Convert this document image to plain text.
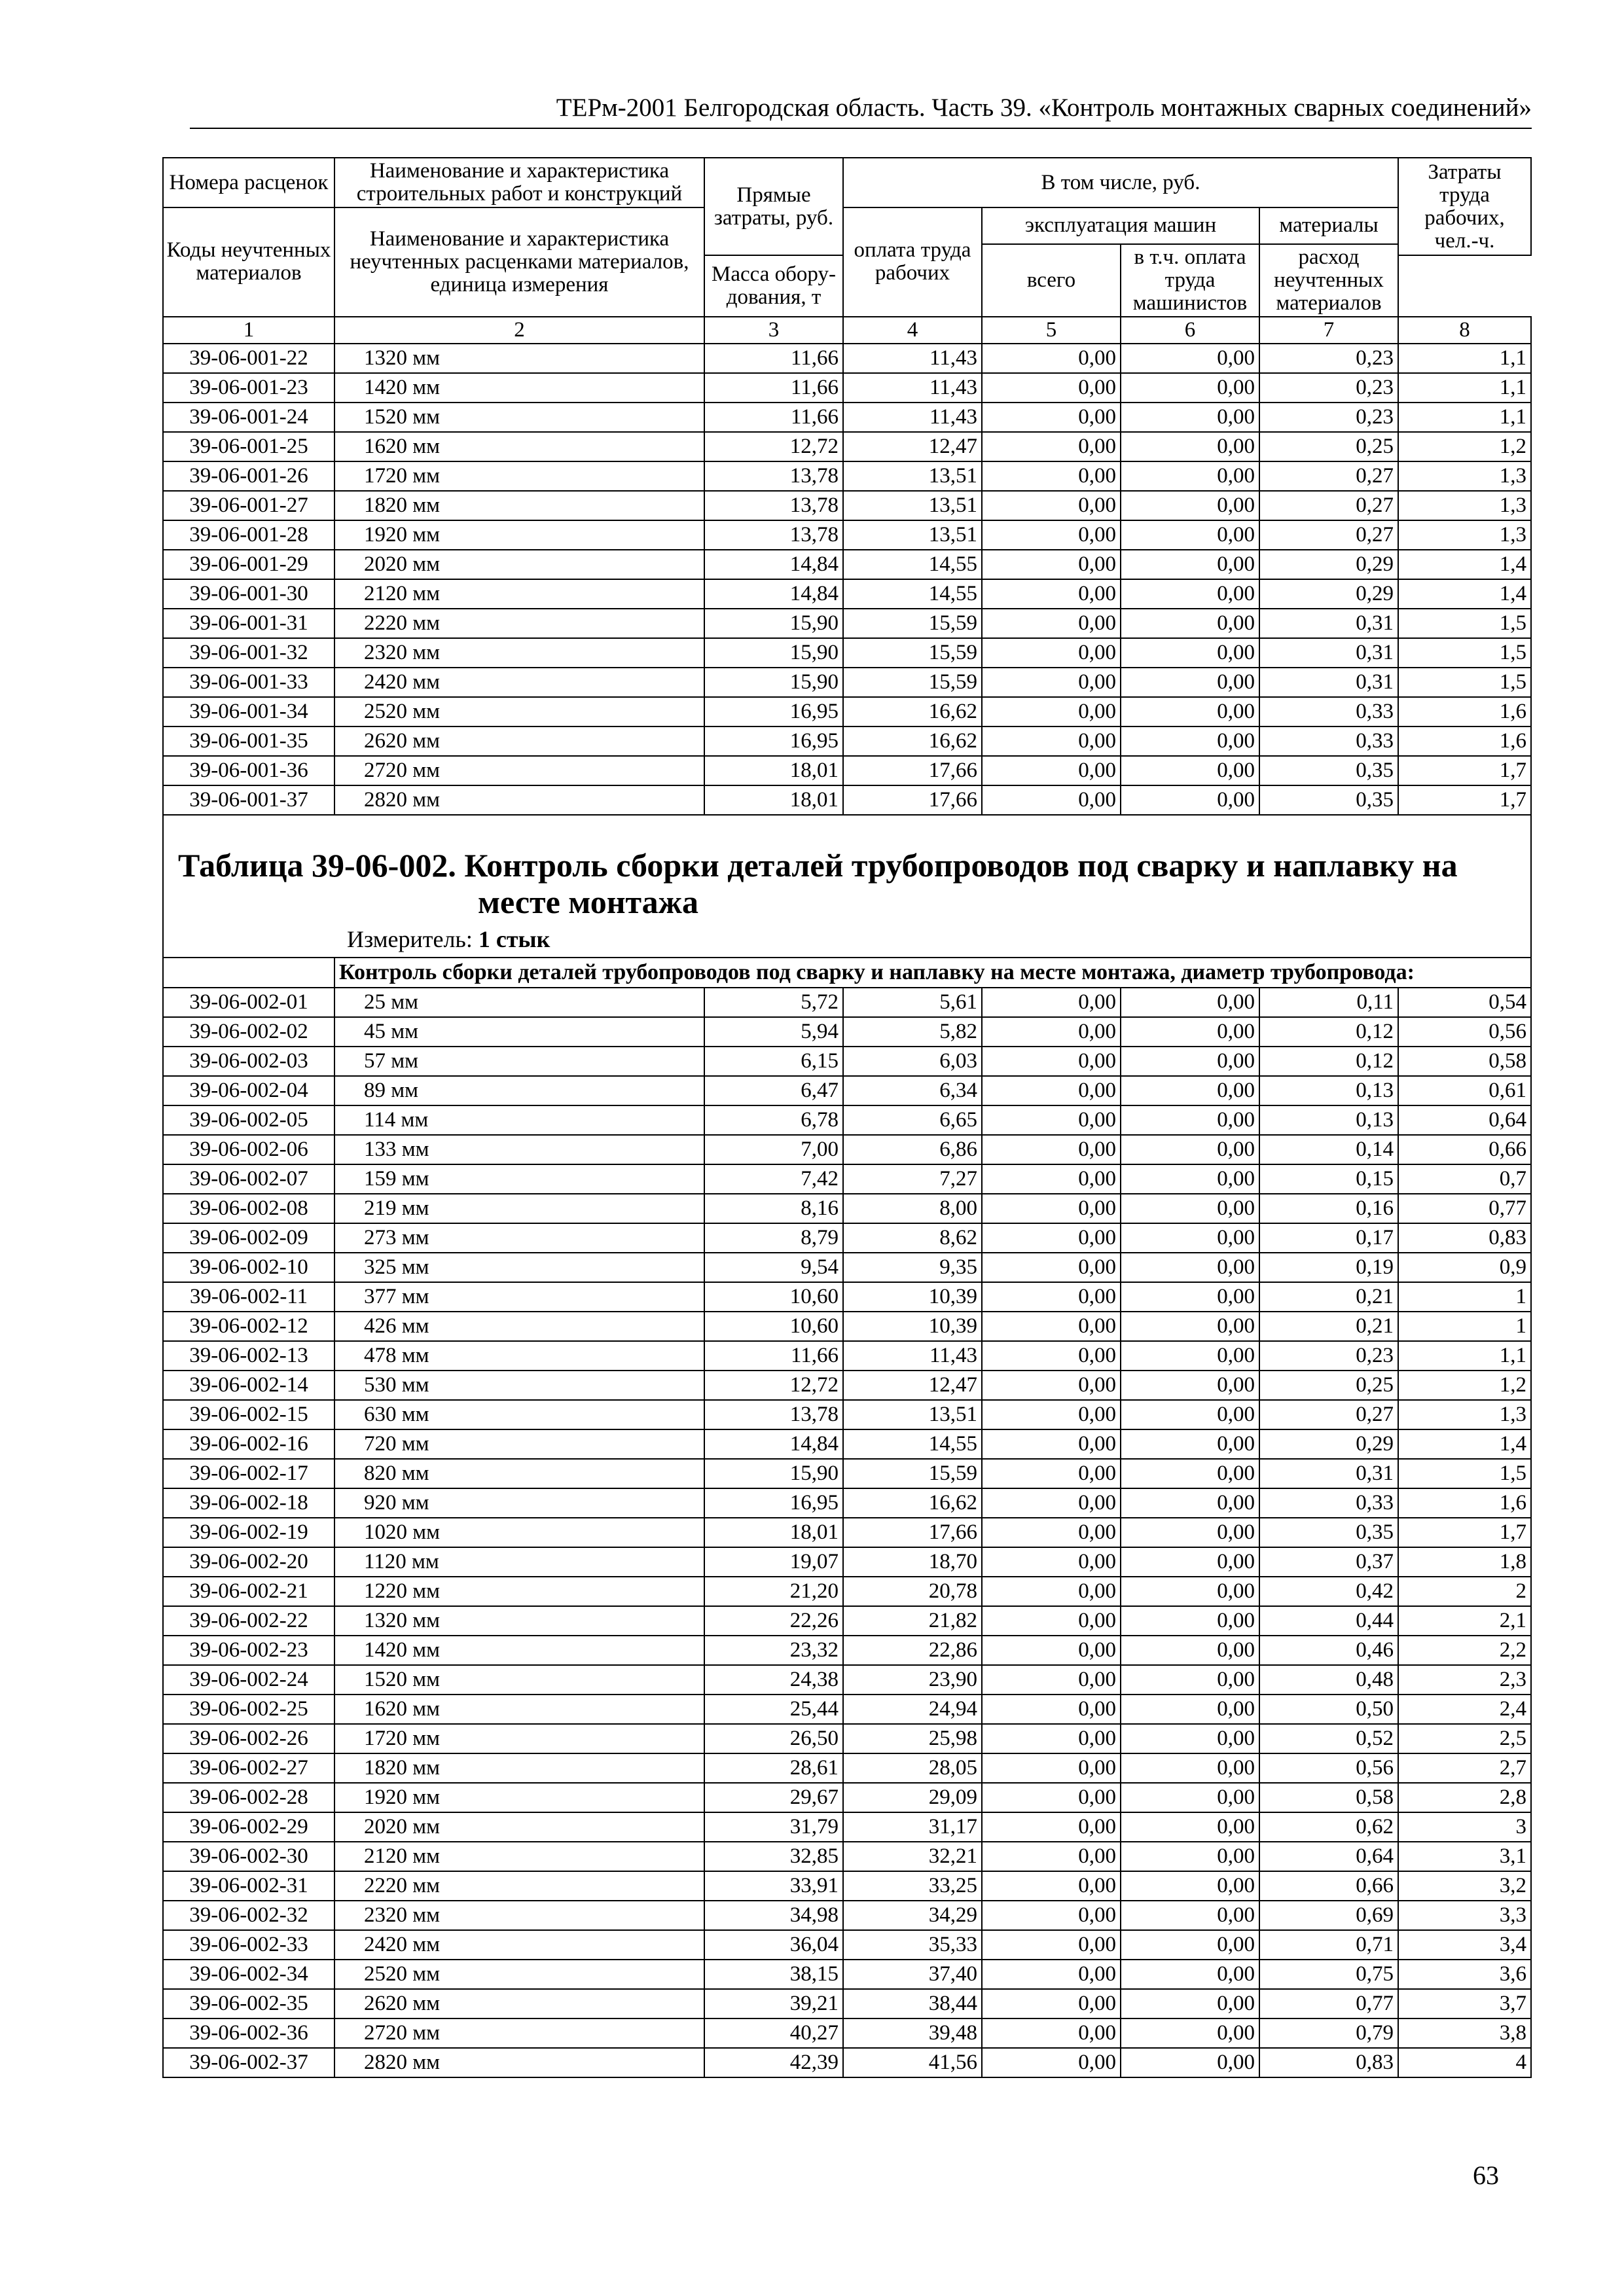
ТЕРм-2001 Белгородская область. Часть 39. «Контроль монтажных сварных соединений»
Номера расценок	Наименование и характеристика строительных работ и конструкций	Прямые затраты, руб.	В том числе, руб.				Затраты труда рабочих, чел.-ч.
Коды неучтенных материалов	Наименование и характеристика неучтенных расценками материалов, единица измерения		оплата труда рабочих	эксплуатация машин		материалы	
				всего	в т.ч. оплата труда машинистов	расход неучтенных материалов	
		Масса обору-дования, т					
1	2	3	4	5	6	7	8
39-06-001-22	1320 мм	11,66	11,43	0,00	0,00	0,23	1,1
39-06-001-23	1420 мм	11,66	11,43	0,00	0,00	0,23	1,1
39-06-001-24	1520 мм	11,66	11,43	0,00	0,00	0,23	1,1
39-06-001-25	1620 мм	12,72	12,47	0,00	0,00	0,25	1,2
39-06-001-26	1720 мм	13,78	13,51	0,00	0,00	0,27	1,3
39-06-001-27	1820 мм	13,78	13,51	0,00	0,00	0,27	1,3
39-06-001-28	1920 мм	13,78	13,51	0,00	0,00	0,27	1,3
39-06-001-29	2020 мм	14,84	14,55	0,00	0,00	0,29	1,4
39-06-001-30	2120 мм	14,84	14,55	0,00	0,00	0,29	1,4
39-06-001-31	2220 мм	15,90	15,59	0,00	0,00	0,31	1,5
39-06-001-32	2320 мм	15,90	15,59	0,00	0,00	0,31	1,5
39-06-001-33	2420 мм	15,90	15,59	0,00	0,00	0,31	1,5
39-06-001-34	2520 мм	16,95	16,62	0,00	0,00	0,33	1,6
39-06-001-35	2620 мм	16,95	16,62	0,00	0,00	0,33	1,6
39-06-001-36	2720 мм	18,01	17,66	0,00	0,00	0,35	1,7
39-06-001-37	2820 мм	18,01	17,66	0,00	0,00	0,35	1,7

Таблица 39-06-002. Контроль сборки деталей трубопроводов под сварку и наплавку на
месте монтажа
Измеритель: 1 стык							

	Контроль сборки деталей трубопроводов под сварку и наплавку на месте монтажа, диаметр трубопровода:						
39-06-002-01	25 мм	5,72	5,61	0,00	0,00	0,11	0,54
39-06-002-02	45 мм	5,94	5,82	0,00	0,00	0,12	0,56
39-06-002-03	57 мм	6,15	6,03	0,00	0,00	0,12	0,58
39-06-002-04	89 мм	6,47	6,34	0,00	0,00	0,13	0,61
39-06-002-05	114 мм	6,78	6,65	0,00	0,00	0,13	0,64
39-06-002-06	133 мм	7,00	6,86	0,00	0,00	0,14	0,66
39-06-002-07	159 мм	7,42	7,27	0,00	0,00	0,15	0,7
39-06-002-08	219 мм	8,16	8,00	0,00	0,00	0,16	0,77
39-06-002-09	273 мм	8,79	8,62	0,00	0,00	0,17	0,83
39-06-002-10	325 мм	9,54	9,35	0,00	0,00	0,19	0,9
39-06-002-11	377 мм	10,60	10,39	0,00	0,00	0,21	1
39-06-002-12	426 мм	10,60	10,39	0,00	0,00	0,21	1
39-06-002-13	478 мм	11,66	11,43	0,00	0,00	0,23	1,1
39-06-002-14	530 мм	12,72	12,47	0,00	0,00	0,25	1,2
39-06-002-15	630 мм	13,78	13,51	0,00	0,00	0,27	1,3
39-06-002-16	720 мм	14,84	14,55	0,00	0,00	0,29	1,4
39-06-002-17	820 мм	15,90	15,59	0,00	0,00	0,31	1,5
39-06-002-18	920 мм	16,95	16,62	0,00	0,00	0,33	1,6
39-06-002-19	1020 мм	18,01	17,66	0,00	0,00	0,35	1,7
39-06-002-20	1120 мм	19,07	18,70	0,00	0,00	0,37	1,8
39-06-002-21	1220 мм	21,20	20,78	0,00	0,00	0,42	2
39-06-002-22	1320 мм	22,26	21,82	0,00	0,00	0,44	2,1
39-06-002-23	1420 мм	23,32	22,86	0,00	0,00	0,46	2,2
39-06-002-24	1520 мм	24,38	23,90	0,00	0,00	0,48	2,3
39-06-002-25	1620 мм	25,44	24,94	0,00	0,00	0,50	2,4
39-06-002-26	1720 мм	26,50	25,98	0,00	0,00	0,52	2,5
39-06-002-27	1820 мм	28,61	28,05	0,00	0,00	0,56	2,7
39-06-002-28	1920 мм	29,67	29,09	0,00	0,00	0,58	2,8
39-06-002-29	2020 мм	31,79	31,17	0,00	0,00	0,62	3
39-06-002-30	2120 мм	32,85	32,21	0,00	0,00	0,64	3,1
39-06-002-31	2220 мм	33,91	33,25	0,00	0,00	0,66	3,2
39-06-002-32	2320 мм	34,98	34,29	0,00	0,00	0,69	3,3
39-06-002-33	2420 мм	36,04	35,33	0,00	0,00	0,71	3,4
39-06-002-34	2520 мм	38,15	37,40	0,00	0,00	0,75	3,6
39-06-002-35	2620 мм	39,21	38,44	0,00	0,00	0,77	3,7
39-06-002-36	2720 мм	40,27	39,48	0,00	0,00	0,79	3,8
39-06-002-37	2820 мм	42,39	41,56	0,00	0,00	0,83	4
63
